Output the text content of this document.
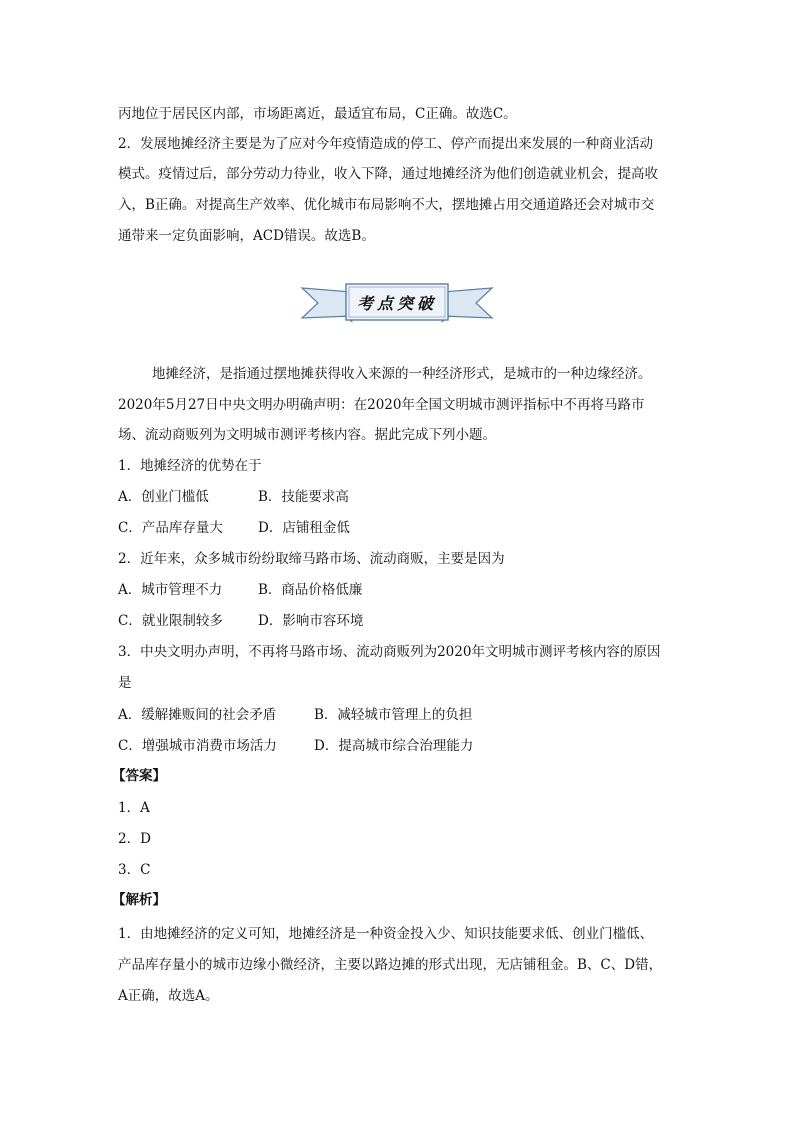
丙地位于居民区内部，市场距离近，最适宜布局，C正确。故选C。
2．发展地摊经济主要是为了应对今年疫情造成的停工、停产而提出来发展的一种商业活动
模式。疫情过后，部分劳动力待业，收入下降，通过地摊经济为他们创造就业机会，提高收
入，B正确。对提高生产效率、优化城市布局影响不大，摆地摊占用交通道路还会对城市交
通带来一定负面影响，ACD错误。故选B。
考点突破
地摊经济，是指通过摆地摊获得收入来源的一种经济形式，是城市的一种边缘经济。
2020年5月27日中央文明办明确声明：在2020年全国文明城市测评指标中不再将马路市
场、流动商贩列为文明城市测评考核内容。据此完成下列小题。
1．地摊经济的优势在于
A．创业门槛低	B．技能要求高
C．产品库存量大	D．店铺租金低
2．近年来，众多城市纷纷取缔马路市场、流动商贩，主要是因为
A．城市管理不力	B．商品价格低廉
C．就业限制较多	D．影响市容环境
3．中央文明办声明，不再将马路市场、流动商贩列为2020年文明城市测评考核内容的原因
是
A．缓解摊贩间的社会矛盾	B．减轻城市管理上的负担
C．增强城市消费市场活力	D．提高城市综合治理能力
【答案】
1．A
2．D
3．C
【解析】
1．由地摊经济的定义可知，地摊经济是一种资金投入少、知识技能要求低、创业门槛低、
产品库存量小的城市边缘小微经济，主要以路边摊的形式出现，无店铺租金。B、C、D错，
A正确，故选A。
